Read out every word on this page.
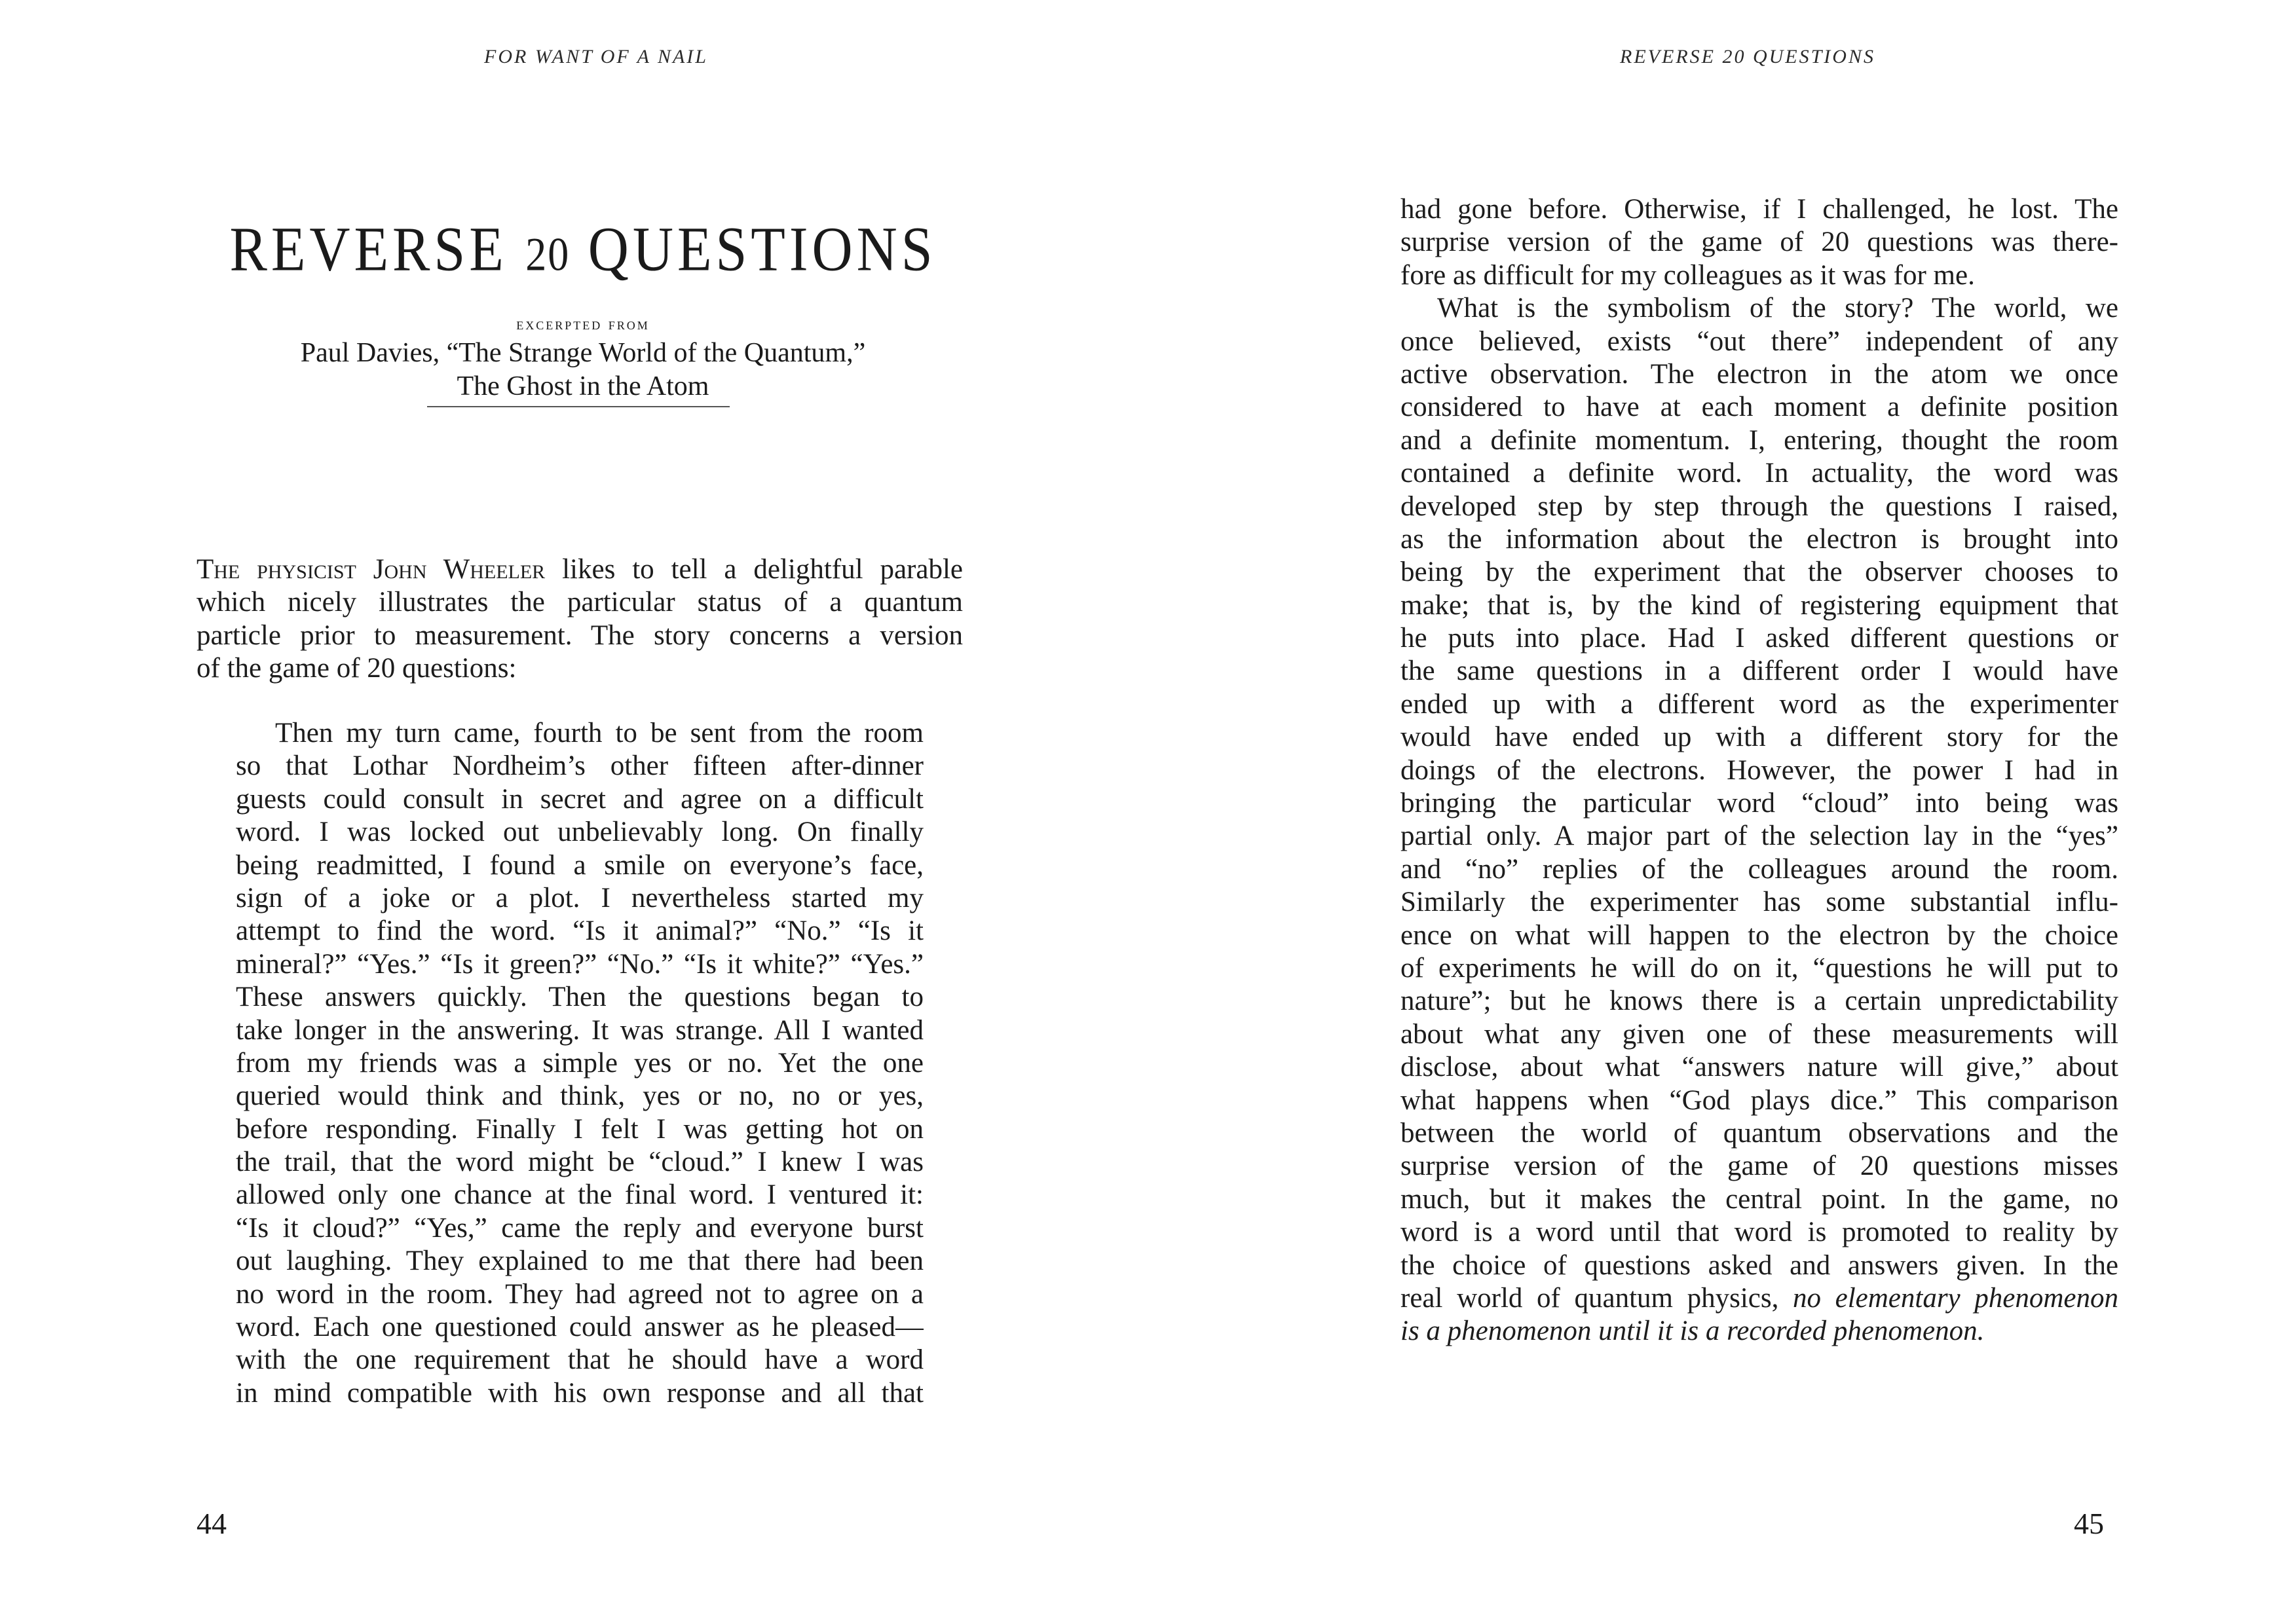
FOR WANT OF A NAIL
REVERSE 20 QUESTIONS
excerpted from
Paul Davies, “The Strange World of the Quantum,”
The Ghost in the Atom
The physicist John Wheeler likes to tell a delightful parable
which nicely illustrates the particular status of a quantum
particle prior to measurement. The story concerns a version
of the game of 20 questions:
Then my turn came, fourth to be sent from the room
so that Lothar Nordheim’s other fifteen after-dinner
guests could consult in secret and agree on a difficult
word. I was locked out unbelievably long. On finally
being readmitted, I found a smile on everyone’s face,
sign of a joke or a plot. I nevertheless started my
attempt to find the word. “Is it animal?” “No.” “Is it
mineral?” “Yes.” “Is it green?” “No.” “Is it white?” “Yes.”
These answers quickly. Then the questions began to
take longer in the answering. It was strange. All I wanted
from my friends was a simple yes or no. Yet the one
queried would think and think, yes or no, no or yes,
before responding. Finally I felt I was getting hot on
the trail, that the word might be “cloud.” I knew I was
allowed only one chance at the final word. I ventured it:
“Is it cloud?” “Yes,” came the reply and everyone burst
out laughing. They explained to me that there had been
no word in the room. They had agreed not to agree on a
word. Each one questioned could answer as he pleased—
with the one requirement that he should have a word
in mind compatible with his own response and all that
44
REVERSE 20 QUESTIONS
had gone before. Otherwise, if I challenged, he lost. The
surprise version of the game of 20 questions was there-
fore as difficult for my colleagues as it was for me.
What is the symbolism of the story? The world, we
once believed, exists “out there” independent of any
active observation. The electron in the atom we once
considered to have at each moment a definite position
and a definite momentum. I, entering, thought the room
contained a definite word. In actuality, the word was
developed step by step through the questions I raised,
as the information about the electron is brought into
being by the experiment that the observer chooses to
make; that is, by the kind of registering equipment that
he puts into place. Had I asked different questions or
the same questions in a different order I would have
ended up with a different word as the experimenter
would have ended up with a different story for the
doings of the electrons. However, the power I had in
bringing the particular word “cloud” into being was
partial only. A major part of the selection lay in the “yes”
and “no” replies of the colleagues around the room.
Similarly the experimenter has some substantial influ-
ence on what will happen to the electron by the choice
of experiments he will do on it, “questions he will put to
nature”; but he knows there is a certain unpredictability
about what any given one of these measurements will
disclose, about what “answers nature will give,” about
what happens when “God plays dice.” This comparison
between the world of quantum observations and the
surprise version of the game of 20 questions misses
much, but it makes the central point. In the game, no
word is a word until that word is promoted to reality by
the choice of questions asked and answers given. In the
real world of quantum physics, no elementary phenomenon
is a phenomenon until it is a recorded phenomenon.
45
